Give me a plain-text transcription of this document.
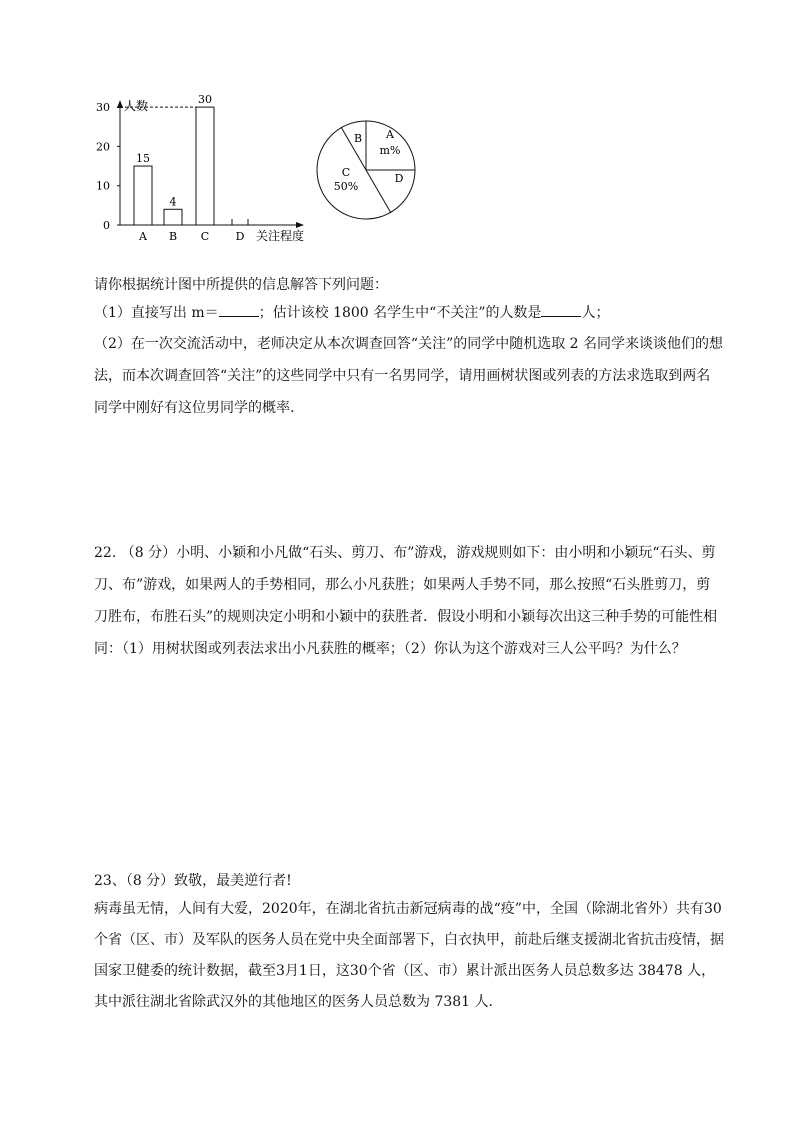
人数
关注程度
0
10
20
30
15
A
4
B
30
C D
B A
m%
D
C
50%

请你根据统计图中所提供的信息解答下列问题：

（1）直接写出 m＝	；估计该校 1800 名学生中“不关注”的人数是	人；

（2）在一次交流活动中，老师决定从本次调查回答“关注”的同学中随机选取 2 名同学来谈谈他们的想法，而本次调查回答“关注”的这些同学中只有一名男同学，请用画树状图或列表的方法求选取到两名同学中刚好有这位男同学的概率.

22. （8 分）小明、小颖和小凡做“石头、剪刀、布”游戏，游戏规则如下：由小明和小颖玩“石头、剪刀、布”游戏，如果两人的手势相同，那么小凡获胜；如果两人手势不同，那么按照“石头胜剪刀，剪刀胜布，布胜石头”的规则决定小明和小颖中的获胜者．假设小明和小颖每次出这三种手势的可能性相同：（1）用树状图或列表法求出小凡获胜的概率；（2）你认为这个游戏对三人公平吗？为什么？

23、（8 分）致敬，最美逆行者!

病毒虽无情，人间有大爱，2020年，在湖北省抗击新冠病毒的战“疫”中，全国（除湖北省外）共有30个省（区、市）及军队的医务人员在党中央全面部署下，白衣执甲，前赴后继支援湖北省抗击疫情，据国家卫健委的统计数据，截至3月1日，这30个省（区、市）累计派出医务人员总数多达 38478 人，其中派往湖北省除武汉外的其他地区的医务人员总数为 7381 人.
